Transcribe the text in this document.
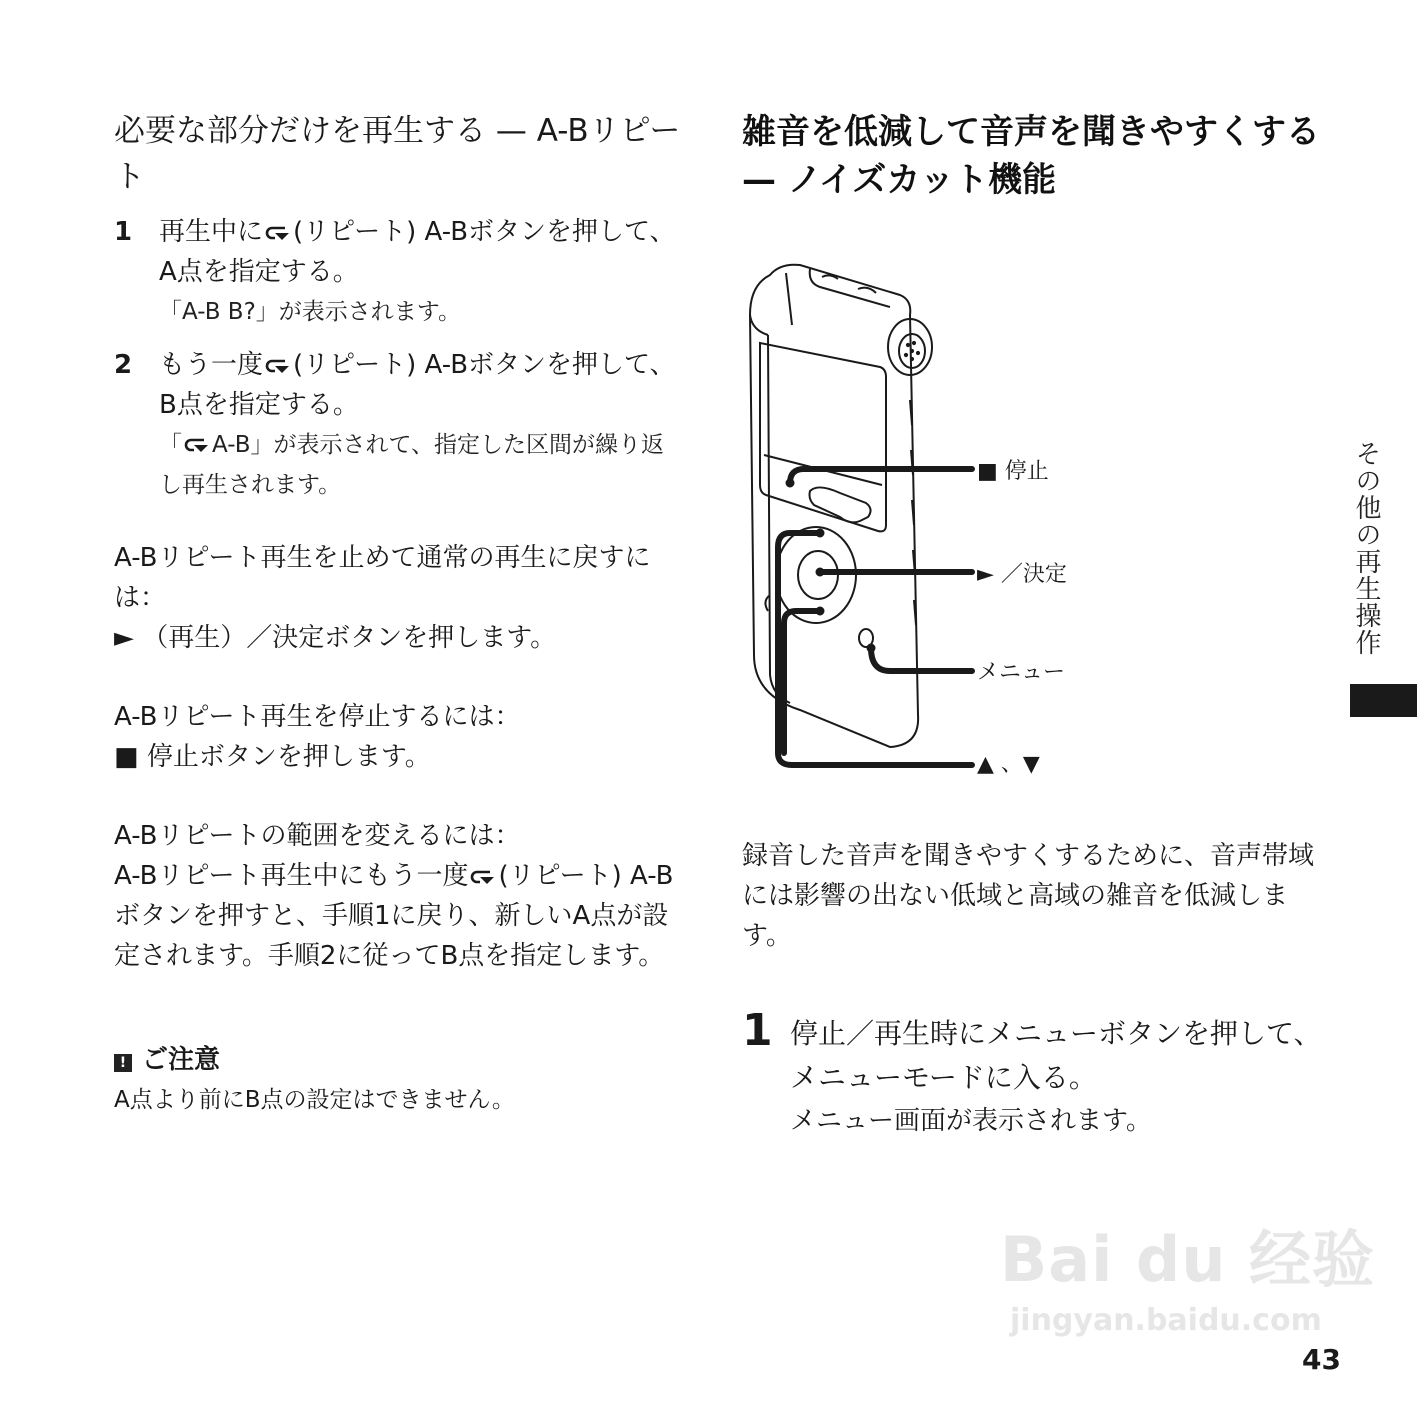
必要な部分だけを再生する — A-Bリピート
1 再生中に (リピート) A-Bボタンを押して、A点を指定する。
「A-B B?」が表示されます。
2 もう一度 (リピート) A-Bボタンを押して、B点を指定する。
「 A-B」が表示されて、指定した区間が繰り返し再生されます。
A-Bリピート再生を止めて通常の再生に戻すには：
► （再生）／決定ボタンを押します。
A-Bリピート再生を停止するには：
■ 停止ボタンを押します。
A-Bリピートの範囲を変えるには：
A-Bリピート再生中にもう一度 (リピート) A-Bボタンを押すと、手順1に戻り、新しいA点が設定されます。手順2に従ってB点を指定します。
! ご注意
A点より前にB点の設定はできません。
雑音を低減して音声を聞きやすくする — ノイズカット機能
■ 停止
► ／決定
メニュー
▲ 、▼
録音した音声を聞きやすくするために、音声帯域には影響の出ない低域と高域の雑音を低減します。
1 停止／再生時にメニューボタンを押して、メニューモードに入る。
メニュー画面が表示されます。
その他の再生操作
Bai du 经验
jingyan.baidu.com
43
